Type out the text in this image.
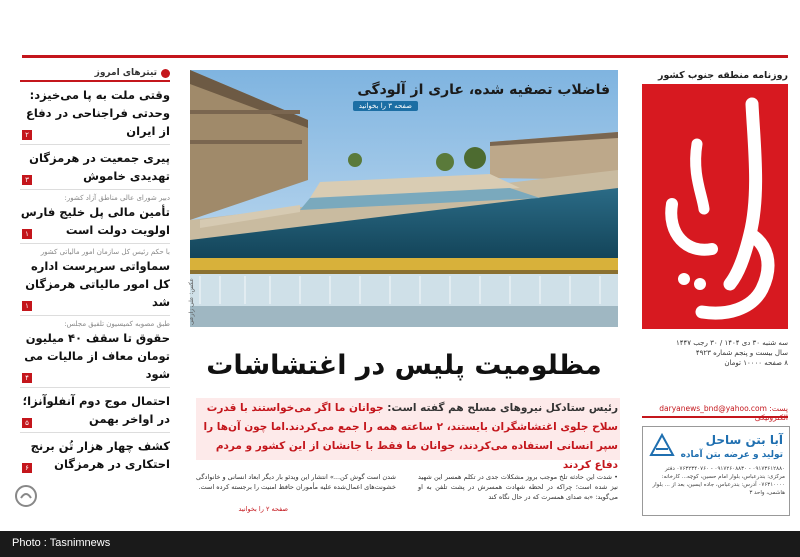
تیترهای امروز
وقتی ملت به پا می‌خیزد: وحدتی فراجناحی در دفاع از ایران
۲
پیری جمعیت در هرمزگان تهدیدی خاموش
۳
دبیر شورای عالی مناطق آزاد کشور:
تأمین مالی پل خلیج فارس اولویت دولت است
۱
با حکم رئیس کل سازمان امور مالیاتی کشور
سماواتی سرپرست اداره کل امور مالیاتی هرمزگان شد
۱
طبق مصوبه کمیسیون تلفیق مجلس:
حقوق تا سقف ۴۰ میلیون تومان معاف از مالیات می شود
۴
احتمال موج دوم آنفلوآنزا؛ در اواخر بهمن
۵
کشف چهار هزار تُن برنج احتکاری در هرمزگان
۶
فاضلاب تصفیه شده، عاری از آلودگی
صفحه ۳ را بخوانید
عکس: علی زارعی
روزنامه منطقه جنوب کشور
سه شنبه ۳۰ دی ۱۴۰۴ / ۳۰ رجب ۱۴۴۷
سال بیست و پنجم شماره ۴۹۲۳
۸ صفحه ۱۰۰۰۰ تومان
daryanews_bnd@yahoo.com :پست
آبا بتن ساحل
تولید و عرضه بتن آماده
۰۹۱۷۳۶۱۲۸۸۰ - ۰۹۱۷۲۶۰۸۸۳۰ - ۰۷۶۳۲۳۴۰۷۶۰ دفتر مرکزی: بندرعباس، بلوار امام حسین، کوچه... کارخانه: ۰۷۶۳۱۰۰۰۰ آدرس: بندرعباس، جاده ایسین، بعد از ... بلوار هاشمی، واحد ۳
مظلومیت پلیس در اغتشاشات
رئیس ستادکل نیروهای مسلح هم گفته است: جوانان ما اگر می‌خواستند با قدرت سلاح جلوی اغتشاشگران بایستند، ۲ ساعته همه را جمع می‌کردند.اما چون آن‌ها را سپر انسانی استفاده می‌کردند، جوانان ما فقط با جانشان از این کشور و مردم دفاع کردند
• شدت این حادثه تلخ موجب بروز مشکلات جدی در تکلم همسر این شهید نیز شده است؛ چراکه در لحظه شهادت همسرش در پشت تلفن به او می‌گوید: «به صدای همسرت که در حال نگاه کند
شدن است گوش کن...» انتشار این ویدئو بار دیگر ابعاد انسانی و خانوادگی خشونت‌های اعمال‌شده علیه مأموران حافظ امنیت را برجسته کرده است.
صفحه ۲ را بخوانید
Photo : Tasnimnews
